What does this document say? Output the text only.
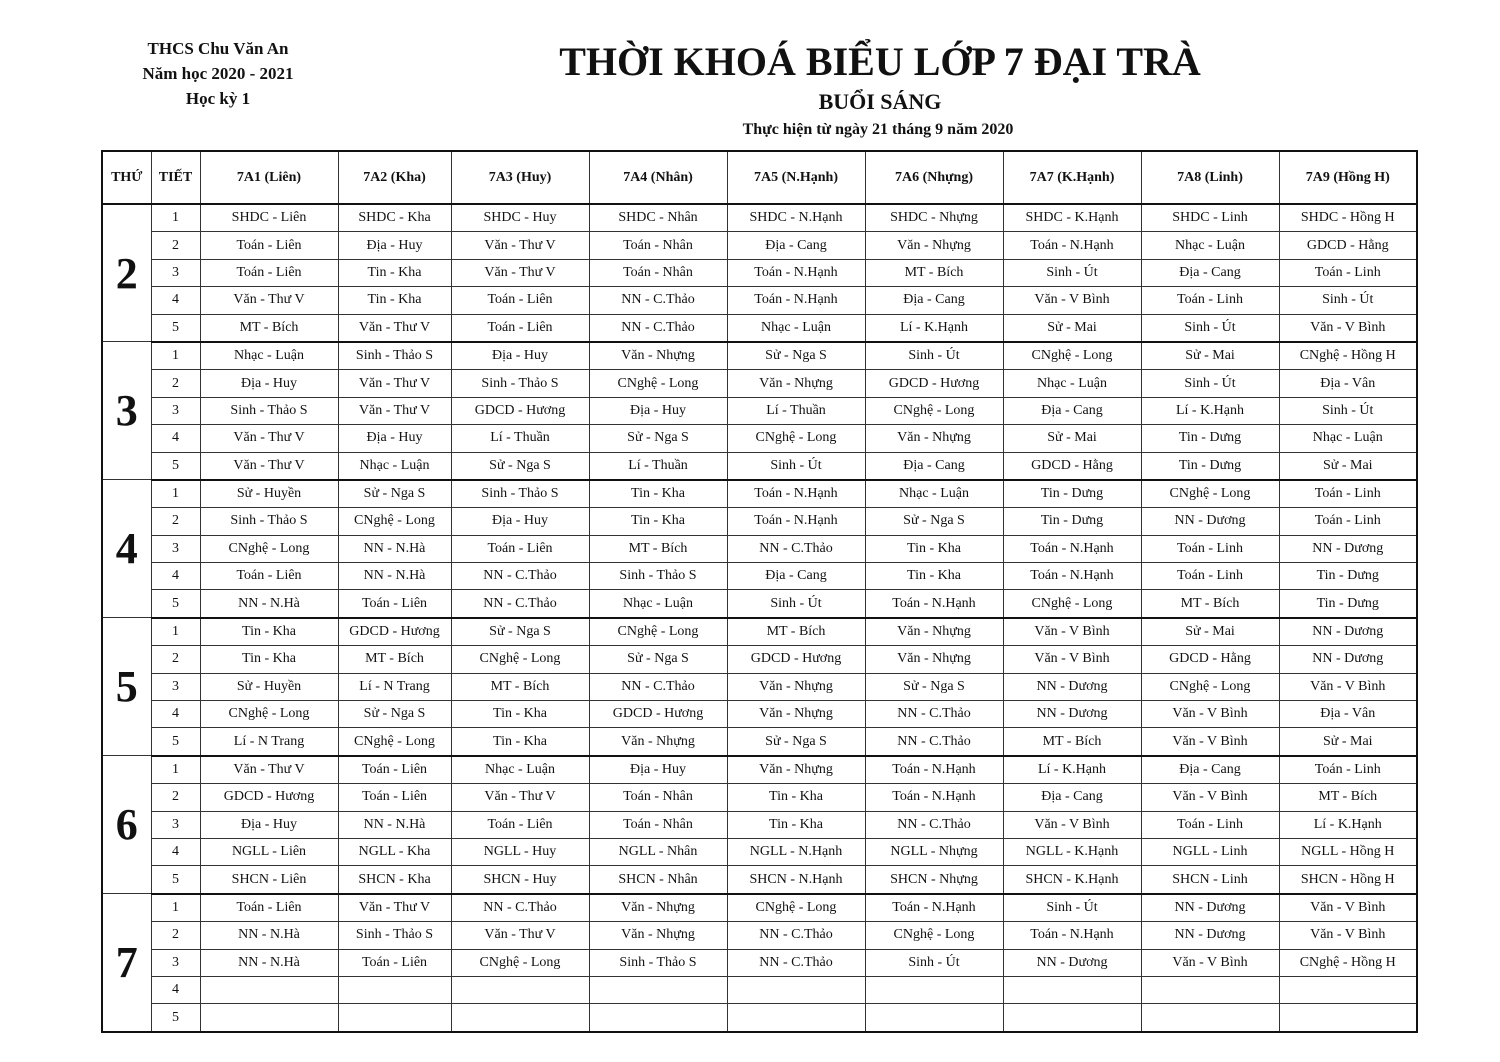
THCS Chu Văn An
Năm học 2020 - 2021
Học kỳ 1
THỜI KHOÁ BIỂU LỚP 7 ĐẠI TRÀ
BUỔI SÁNG
Thực hiện từ ngày 21 tháng 9 năm 2020
THỨ	TIẾT	7A1 (Liên)	7A2 (Kha)	7A3 (Huy)	7A4 (Nhân)	7A5 (N.Hạnh)	7A6 (Nhựng)	7A7 (K.Hạnh)	7A8 (Linh)	7A9 (Hồng H)
2	1	SHDC - Liên	SHDC - Kha	SHDC - Huy	SHDC - Nhân	SHDC - N.Hạnh	SHDC - Nhựng	SHDC - K.Hạnh	SHDC - Linh	SHDC - Hồng H
	2	Toán - Liên	Địa - Huy	Văn - Thư V	Toán - Nhân	Địa - Cang	Văn - Nhựng	Toán - N.Hạnh	Nhạc - Luận	GDCD - Hằng
	3	Toán - Liên	Tin - Kha	Văn - Thư V	Toán - Nhân	Toán - N.Hạnh	MT - Bích	Sinh - Út	Địa - Cang	Toán - Linh
	4	Văn - Thư V	Tin - Kha	Toán - Liên	NN - C.Thảo	Toán - N.Hạnh	Địa - Cang	Văn - V Bình	Toán - Linh	Sinh - Út
	5	MT - Bích	Văn - Thư V	Toán - Liên	NN - C.Thảo	Nhạc - Luận	Lí - K.Hạnh	Sử - Mai	Sinh - Út	Văn - V Bình
3	1	Nhạc - Luận	Sinh - Thảo S	Địa - Huy	Văn - Nhựng	Sử - Nga S	Sinh - Út	CNghệ - Long	Sử - Mai	CNghệ - Hồng H
	2	Địa - Huy	Văn - Thư V	Sinh - Thảo S	CNghệ - Long	Văn - Nhựng	GDCD - Hương	Nhạc - Luận	Sinh - Út	Địa - Vân
	3	Sinh - Thảo S	Văn - Thư V	GDCD - Hương	Địa - Huy	Lí - Thuần	CNghệ - Long	Địa - Cang	Lí - K.Hạnh	Sinh - Út
	4	Văn - Thư V	Địa - Huy	Lí - Thuần	Sử - Nga S	CNghệ - Long	Văn - Nhựng	Sử - Mai	Tin - Dưng	Nhạc - Luận
	5	Văn - Thư V	Nhạc - Luận	Sử - Nga S	Lí - Thuần	Sinh - Út	Địa - Cang	GDCD - Hằng	Tin - Dưng	Sử - Mai
4	1	Sử - Huyền	Sử - Nga S	Sinh - Thảo S	Tin - Kha	Toán - N.Hạnh	Nhạc - Luận	Tin - Dưng	CNghệ - Long	Toán - Linh
	2	Sinh - Thảo S	CNghệ - Long	Địa - Huy	Tin - Kha	Toán - N.Hạnh	Sử - Nga S	Tin - Dưng	NN - Dương	Toán - Linh
	3	CNghệ - Long	NN - N.Hà	Toán - Liên	MT - Bích	NN - C.Thảo	Tin - Kha	Toán - N.Hạnh	Toán - Linh	NN - Dương
	4	Toán - Liên	NN - N.Hà	NN - C.Thảo	Sinh - Thảo S	Địa - Cang	Tin - Kha	Toán - N.Hạnh	Toán - Linh	Tin - Dưng
	5	NN - N.Hà	Toán - Liên	NN - C.Thảo	Nhạc - Luận	Sinh - Út	Toán - N.Hạnh	CNghệ - Long	MT - Bích	Tin - Dưng
5	1	Tin - Kha	GDCD - Hương	Sử - Nga S	CNghệ - Long	MT - Bích	Văn - Nhựng	Văn - V Bình	Sử - Mai	NN - Dương
	2	Tin - Kha	MT - Bích	CNghệ - Long	Sử - Nga S	GDCD - Hương	Văn - Nhựng	Văn - V Bình	GDCD - Hằng	NN - Dương
	3	Sử - Huyền	Lí - N Trang	MT - Bích	NN - C.Thảo	Văn - Nhựng	Sử - Nga S	NN - Dương	CNghệ - Long	Văn - V Bình
	4	CNghệ - Long	Sử - Nga S	Tin - Kha	GDCD - Hương	Văn - Nhựng	NN - C.Thảo	NN - Dương	Văn - V Bình	Địa - Vân
	5	Lí - N Trang	CNghệ - Long	Tin - Kha	Văn - Nhựng	Sử - Nga S	NN - C.Thảo	MT - Bích	Văn - V Bình	Sử - Mai
6	1	Văn - Thư V	Toán - Liên	Nhạc - Luận	Địa - Huy	Văn - Nhựng	Toán - N.Hạnh	Lí - K.Hạnh	Địa - Cang	Toán - Linh
	2	GDCD - Hương	Toán - Liên	Văn - Thư V	Toán - Nhân	Tin - Kha	Toán - N.Hạnh	Địa - Cang	Văn - V Bình	MT - Bích
	3	Địa - Huy	NN - N.Hà	Toán - Liên	Toán - Nhân	Tin - Kha	NN - C.Thảo	Văn - V Bình	Toán - Linh	Lí - K.Hạnh
	4	NGLL - Liên	NGLL - Kha	NGLL - Huy	NGLL - Nhân	NGLL - N.Hạnh	NGLL - Nhựng	NGLL - K.Hạnh	NGLL - Linh	NGLL - Hồng H
	5	SHCN - Liên	SHCN - Kha	SHCN - Huy	SHCN - Nhân	SHCN - N.Hạnh	SHCN - Nhựng	SHCN - K.Hạnh	SHCN - Linh	SHCN - Hồng H
7	1	Toán - Liên	Văn - Thư V	NN - C.Thảo	Văn - Nhựng	CNghệ - Long	Toán - N.Hạnh	Sinh - Út	NN - Dương	Văn - V Bình
	2	NN - N.Hà	Sinh - Thảo S	Văn - Thư V	Văn - Nhựng	NN - C.Thảo	CNghệ - Long	Toán - N.Hạnh	NN - Dương	Văn - V Bình
	3	NN - N.Hà	Toán - Liên	CNghệ - Long	Sinh - Thảo S	NN - C.Thảo	Sinh - Út	NN - Dương	Văn - V Bình	CNghệ - Hồng H
	4									
	5									
